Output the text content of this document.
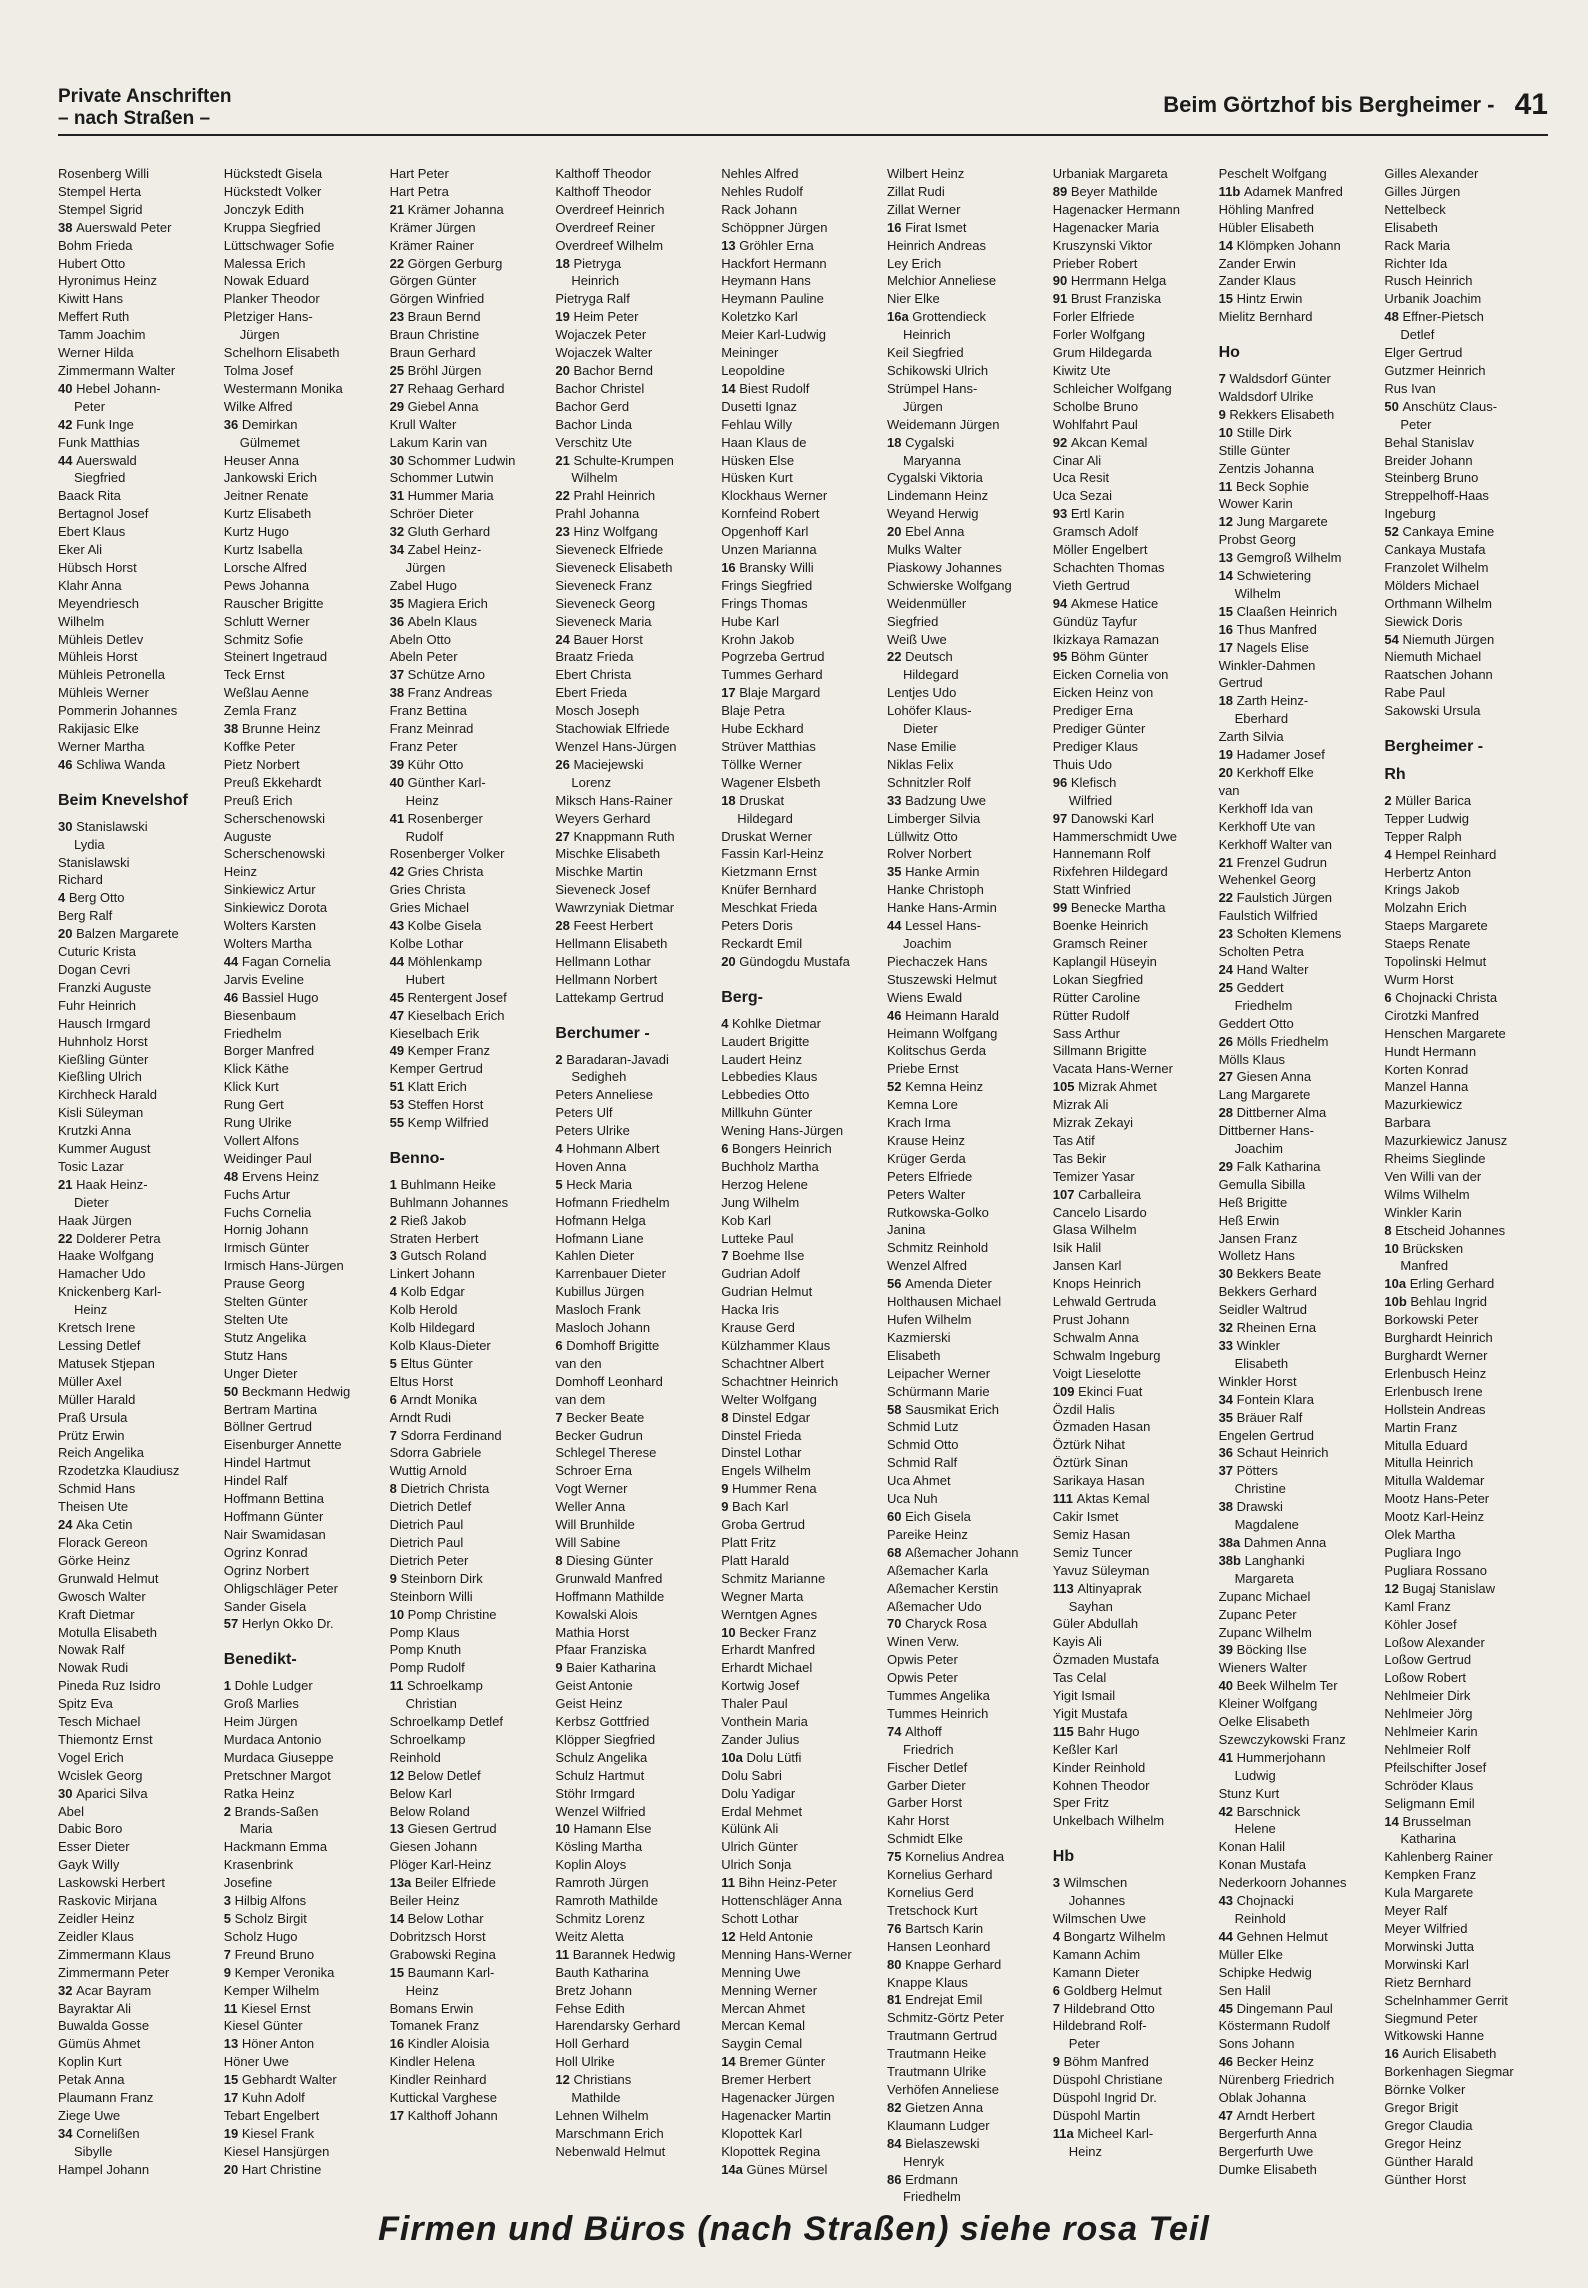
Private Anschriften
– nach Straßen –
Beim Görtzhof bis Bergheimer - 41
Rosenberg Willi
Stempel Herta
Stempel Sigrid
38 Auerswald Peter
Bohm Frieda
Hubert Otto
Hyronimus Heinz
Kiwitt Hans
Meffert Ruth
Tamm Joachim
Werner Hilda
Zimmermann Walter
40 Hebel Johann-
Peter
42 Funk Inge
Funk Matthias
44 Auerswald
Siegfried
Baack Rita
Bertagnol Josef
Ebert Klaus
Eker Ali
Hübsch Horst
Klahr Anna
Meyendriesch
Wilhelm
Mühleis Detlev
Mühleis Horst
Mühleis Petronella
Mühleis Werner
Pommerin Johannes
Rakijasic Elke
Werner Martha
46 Schliwa Wanda
Beim Knevelshof
30 Stanislawski
Lydia
Stanislawski
Richard
4 Berg Otto
Berg Ralf
20 Balzen Margarete
Cuturic Krista
Dogan Cevri
Franzki Auguste
Fuhr Heinrich
Hausch Irmgard
Huhnholz Horst
Kießling Günter
Kießling Ulrich
Kirchheck Harald
Kisli Süleyman
Krutzki Anna
Kummer August
Tosic Lazar
21 Haak Heinz-
Dieter
Haak Jürgen
22 Dolderer Petra
Haake Wolfgang
Hamacher Udo
Knickenberg Karl-
Heinz
Kretsch Irene
Lessing Detlef
Matusek Stjepan
Müller Axel
Müller Harald
Praß Ursula
Prütz Erwin
Reich Angelika
Rzodetzka Klaudiusz
Schmid Hans
Theisen Ute
24 Aka Cetin
Florack Gereon
Görke Heinz
Grunwald Helmut
Gwosch Walter
Kraft Dietmar
Motulla Elisabeth
Nowak Ralf
Nowak Rudi
Pineda Ruz Isidro
Spitz Eva
Tesch Michael
Thiemontz Ernst
Vogel Erich
Wcislek Georg
30 Aparici Silva
Abel
Dabic Boro
Esser Dieter
Gayk Willy
Laskowski Herbert
Raskovic Mirjana
Zeidler Heinz
Zeidler Klaus
Zimmermann Klaus
Zimmermann Peter
32 Acar Bayram
Bayraktar Ali
Buwalda Gosse
Gümüs Ahmet
Koplin Kurt
Petak Anna
Plaumann Franz
Ziege Uwe
34 Cornelißen
Sibylle
Hampel Johann
Hückstedt Gisela
Hückstedt Volker
Jonczyk Edith
Kruppa Siegfried
Lüttschwager Sofie
Malessa Erich
Nowak Eduard
Planker Theodor
Pletziger Hans-
Jürgen
Schelhorn Elisabeth
Tolma Josef
Westermann Monika
Wilke Alfred
36 Demirkan
Gülmemet
Heuser Anna
Jankowski Erich
Jeitner Renate
Kurtz Elisabeth
Kurtz Hugo
Kurtz Isabella
Lorsche Alfred
Pews Johanna
Rauscher Brigitte
Schlutt Werner
Schmitz Sofie
Steinert Ingetraud
Teck Ernst
Weßlau Aenne
Zemla Franz
38 Brunne Heinz
Koffke Peter
Pietz Norbert
Preuß Ekkehardt
Preuß Erich
Scherschenowski
Auguste
Scherschenowski
Heinz
Sinkiewicz Artur
Sinkiewicz Dorota
Wolters Karsten
Wolters Martha
44 Fagan Cornelia
Jarvis Eveline
46 Bassiel Hugo
Biesenbaum
Friedhelm
Borger Manfred
Klick Käthe
Klick Kurt
Rung Gert
Rung Ulrike
Vollert Alfons
Weidinger Paul
48 Ervens Heinz
Fuchs Artur
Fuchs Cornelia
Hornig Johann
Irmisch Günter
Irmisch Hans-Jürgen
Prause Georg
Stelten Günter
Stelten Ute
Stutz Angelika
Stutz Hans
Unger Dieter
50 Beckmann Hedwig
Bertram Martina
Böllner Gertrud
Eisenburger Annette
Hindel Hartmut
Hindel Ralf
Hoffmann Bettina
Hoffmann Günter
Nair Swamidasan
Ogrinz Konrad
Ogrinz Norbert
Ohligschläger Peter
Sander Gisela
57 Herlyn Okko Dr.
Benedikt-
1 Dohle Ludger
Groß Marlies
Heim Jürgen
Murdaca Antonio
Murdaca Giuseppe
Pretschner Margot
Ratka Heinz
2 Brands-Saßen
Maria
Hackmann Emma
Krasenbrink
Josefine
3 Hilbig Alfons
5 Scholz Birgit
Scholz Hugo
7 Freund Bruno
9 Kemper Veronika
Kemper Wilhelm
11 Kiesel Ernst
Kiesel Günter
13 Höner Anton
Höner Uwe
15 Gebhardt Walter
17 Kuhn Adolf
Tebart Engelbert
19 Kiesel Frank
Kiesel Hansjürgen
20 Hart Christine
Hart Peter
Hart Petra
21 Krämer Johanna
Krämer Jürgen
Krämer Rainer
22 Görgen Gerburg
Görgen Günter
Görgen Winfried
23 Braun Bernd
Braun Christine
Braun Gerhard
25 Bröhl Jürgen
27 Rehaag Gerhard
29 Giebel Anna
Krull Walter
Lakum Karin van
30 Schommer Ludwin
Schommer Lutwin
31 Hummer Maria
Schröer Dieter
32 Gluth Gerhard
34 Zabel Heinz-
Jürgen
Zabel Hugo
35 Magiera Erich
36 Abeln Klaus
Abeln Otto
Abeln Peter
37 Schütze Arno
38 Franz Andreas
Franz Bettina
Franz Meinrad
Franz Peter
39 Kühr Otto
40 Günther Karl-
Heinz
41 Rosenberger
Rudolf
Rosenberger Volker
42 Gries Christa
Gries Christa
Gries Michael
43 Kolbe Gisela
Kolbe Lothar
44 Möhlenkamp
Hubert
45 Rentergent Josef
47 Kieselbach Erich
Kieselbach Erik
49 Kemper Franz
Kemper Gertrud
51 Klatt Erich
53 Steffen Horst
55 Kemp Wilfried
Benno-
1 Buhlmann Heike
Buhlmann Johannes
2 Rieß Jakob
Straten Herbert
3 Gutsch Roland
Linkert Johann
4 Kolb Edgar
Kolb Herold
Kolb Hildegard
Kolb Klaus-Dieter
5 Eltus Günter
Eltus Horst
6 Arndt Monika
Arndt Rudi
7 Sdorra Ferdinand
Sdorra Gabriele
Wuttig Arnold
8 Dietrich Christa
Dietrich Detlef
Dietrich Paul
Dietrich Paul
Dietrich Peter
9 Steinborn Dirk
Steinborn Willi
10 Pomp Christine
Pomp Klaus
Pomp Knuth
Pomp Rudolf
11 Schroelkamp
Christian
Schroelkamp Detlef
Schroelkamp
Reinhold
12 Below Detlef
Below Karl
Below Roland
13 Giesen Gertrud
Giesen Johann
Plöger Karl-Heinz
13a Beiler Elfriede
Beiler Heinz
14 Below Lothar
Dobritzsch Horst
Grabowski Regina
15 Baumann Karl-
Heinz
Bomans Erwin
Tomanek Franz
16 Kindler Aloisia
Kindler Helena
Kindler Reinhard
Kuttickal Varghese
17 Kalthoff Johann
Kalthoff Theodor
Kalthoff Theodor
Overdreef Heinrich
Overdreef Reiner
Overdreef Wilhelm
18 Pietryga
Heinrich
Pietryga Ralf
19 Heim Peter
Wojaczek Peter
Wojaczek Walter
20 Bachor Bernd
Bachor Christel
Bachor Gerd
Bachor Linda
Verschitz Ute
21 Schulte-Krumpen
Wilhelm
22 Prahl Heinrich
Prahl Johanna
23 Hinz Wolfgang
Sieveneck Elfriede
Sieveneck Elisabeth
Sieveneck Franz
Sieveneck Georg
Sieveneck Maria
24 Bauer Horst
Braatz Frieda
Ebert Christa
Ebert Frieda
Mosch Joseph
Stachowiak Elfriede
Wenzel Hans-Jürgen
26 Maciejewski
Lorenz
Miksch Hans-Rainer
Weyers Gerhard
27 Knappmann Ruth
Mischke Elisabeth
Mischke Martin
Sieveneck Josef
Wawrzyniak Dietmar
28 Feest Herbert
Hellmann Elisabeth
Hellmann Lothar
Hellmann Norbert
Lattekamp Gertrud
Berchumer -
2 Baradaran-Javadi
Sedigheh
Peters Anneliese
Peters Ulf
Peters Ulrike
4 Hohmann Albert
Hoven Anna
5 Heck Maria
Hofmann Friedhelm
Hofmann Helga
Hofmann Liane
Kahlen Dieter
Karrenbauer Dieter
Kubillus Jürgen
Masloch Frank
Masloch Johann
6 Domhoff Brigitte
van den
Domhoff Leonhard
van dem
7 Becker Beate
Becker Gudrun
Schlegel Therese
Schroer Erna
Vogt Werner
Weller Anna
Will Brunhilde
Will Sabine
8 Diesing Günter
Grunwald Manfred
Hoffmann Mathilde
Kowalski Alois
Mathia Horst
Pfaar Franziska
9 Baier Katharina
Geist Antonie
Geist Heinz
Kerbsz Gottfried
Klöpper Siegfried
Schulz Angelika
Schulz Hartmut
Stöhr Irmgard
Wenzel Wilfried
10 Hamann Else
Kösling Martha
Koplin Aloys
Ramroth Jürgen
Ramroth Mathilde
Schmitz Lorenz
Weitz Aletta
11 Barannek Hedwig
Bauth Katharina
Bretz Johann
Fehse Edith
Harendarsky Gerhard
Holl Gerhard
Holl Ulrike
12 Christians
Mathilde
Lehnen Wilhelm
Marschmann Erich
Nebenwald Helmut
Nehles Alfred
Nehles Rudolf
Rack Johann
Schöppner Jürgen
13 Gröhler Erna
Hackfort Hermann
Heymann Hans
Heymann Pauline
Koletzko Karl
Meier Karl-Ludwig
Meininger
Leopoldine
14 Biest Rudolf
Dusetti Ignaz
Fehlau Willy
Haan Klaus de
Hüsken Else
Hüsken Kurt
Klockhaus Werner
Kornfeind Robert
Opgenhoff Karl
Unzen Marianna
16 Bransky Willi
Frings Siegfried
Frings Thomas
Hube Karl
Krohn Jakob
Pogrzeba Gertrud
Tummes Gerhard
17 Blaje Margard
Blaje Petra
Hube Eckhard
Strüver Matthias
Töllke Werner
Wagener Elsbeth
18 Druskat
Hildegard
Druskat Werner
Fassin Karl-Heinz
Kietzmann Ernst
Knüfer Bernhard
Meschkat Frieda
Peters Doris
Reckardt Emil
20 Gündogdu Mustafa
Berg-
4 Kohlke Dietmar
Laudert Brigitte
Laudert Heinz
Lebbedies Klaus
Lebbedies Otto
Millkuhn Günter
Wening Hans-Jürgen
6 Bongers Heinrich
Buchholz Martha
Herzog Helene
Jung Wilhelm
Kob Karl
Lutteke Paul
7 Boehme Ilse
Gudrian Adolf
Gudrian Helmut
Hacka Iris
Krause Gerd
Külzhammer Klaus
Schachtner Albert
Schachtner Heinrich
Welter Wolfgang
8 Dinstel Edgar
Dinstel Frieda
Dinstel Lothar
Engels Wilhelm
9 Hummer Rena
9 Bach Karl
Groba Gertrud
Platt Fritz
Platt Harald
Schmitz Marianne
Wegner Marta
Werntgen Agnes
10 Becker Franz
Erhardt Manfred
Erhardt Michael
Kortwig Josef
Thaler Paul
Vonthein Maria
Zander Julius
10a Dolu Lütfi
Dolu Sabri
Dolu Yadigar
Erdal Mehmet
Külünk Ali
Ulrich Günter
Ulrich Sonja
11 Bihn Heinz-Peter
Hottenschläger Anna
Schott Lothar
12 Held Antonie
Menning Hans-Werner
Menning Uwe
Menning Werner
Mercan Ahmet
Mercan Kemal
Saygin Cemal
14 Bremer Günter
Bremer Herbert
Hagenacker Jürgen
Hagenacker Martin
Klopottek Karl
Klopottek Regina
14a Günes Mürsel
Wilbert Heinz
Zillat Rudi
Zillat Werner
16 Firat Ismet
Heinrich Andreas
Ley Erich
Melchior Anneliese
Nier Elke
16a Grottendieck
Heinrich
Keil Siegfried
Schikowski Ulrich
Strümpel Hans-
Jürgen
Weidemann Jürgen
18 Cygalski
Maryanna
Cygalski Viktoria
Lindemann Heinz
Weyand Herwig
20 Ebel Anna
Mulks Walter
Piaskowy Johannes
Schwierske Wolfgang
Weidenmüller
Siegfried
Weiß Uwe
22 Deutsch
Hildegard
Lentjes Udo
Lohöfer Klaus-
Dieter
Nase Emilie
Niklas Felix
Schnitzler Rolf
33 Badzung Uwe
Limberger Silvia
Lüllwitz Otto
Rolver Norbert
35 Hanke Armin
Hanke Christoph
Hanke Hans-Armin
44 Lessel Hans-
Joachim
Piechaczek Hans
Stuszewski Helmut
Wiens Ewald
46 Heimann Harald
Heimann Wolfgang
Kolitschus Gerda
Priebe Ernst
52 Kemna Heinz
Kemna Lore
Krach Irma
Krause Heinz
Krüger Gerda
Peters Elfriede
Peters Walter
Rutkowska-Golko
Janina
Schmitz Reinhold
Wenzel Alfred
56 Amenda Dieter
Holthausen Michael
Hufen Wilhelm
Kazmierski
Elisabeth
Leipacher Werner
Schürmann Marie
58 Sausmikat Erich
Schmid Lutz
Schmid Otto
Schmid Ralf
Uca Ahmet
Uca Nuh
60 Eich Gisela
Pareike Heinz
68 Aßemacher Johann
Aßemacher Karla
Aßemacher Kerstin
Aßemacher Udo
70 Charyck Rosa
Winen Verw.
Opwis Peter
Opwis Peter
Tummes Angelika
Tummes Heinrich
74 Althoff
Friedrich
Fischer Detlef
Garber Dieter
Garber Horst
Kahr Horst
Schmidt Elke
75 Kornelius Andrea
Kornelius Gerhard
Kornelius Gerd
Tretschock Kurt
76 Bartsch Karin
Hansen Leonhard
80 Knappe Gerhard
Knappe Klaus
81 Endrejat Emil
Schmitz-Görtz Peter
Trautmann Gertrud
Trautmann Heike
Trautmann Ulrike
Verhöfen Anneliese
82 Gietzen Anna
Klaumann Ludger
84 Bielaszewski
Henryk
86 Erdmann
Friedhelm
Urbaniak Margareta
89 Beyer Mathilde
Hagenacker Hermann
Hagenacker Maria
Kruszynski Viktor
Prieber Robert
90 Herrmann Helga
91 Brust Franziska
Forler Elfriede
Forler Wolfgang
Grum Hildegarda
Kiwitz Ute
Schleicher Wolfgang
Scholbe Bruno
Wohlfahrt Paul
92 Akcan Kemal
Cinar Ali
Uca Resit
Uca Sezai
93 Ertl Karin
Gramsch Adolf
Möller Engelbert
Schachten Thomas
Vieth Gertrud
94 Akmese Hatice
Gündüz Tayfur
Ikizkaya Ramazan
95 Böhm Günter
Eicken Cornelia von
Eicken Heinz von
Prediger Erna
Prediger Günter
Prediger Klaus
Thuis Udo
96 Klefisch
Wilfried
97 Danowski Karl
Hammerschmidt Uwe
Hannemann Rolf
Rixfehren Hildegard
Statt Winfried
99 Benecke Martha
Boenke Heinrich
Gramsch Reiner
Kaplangil Hüseyin
Lokan Siegfried
Rütter Caroline
Rütter Rudolf
Sass Arthur
Sillmann Brigitte
Vacata Hans-Werner
105 Mizrak Ahmet
Mizrak Ali
Mizrak Zekayi
Tas Atif
Tas Bekir
Temizer Yasar
107 Carballeira
Cancelo Lisardo
Glasa Wilhelm
Isik Halil
Jansen Karl
Knops Heinrich
Lehwald Gertruda
Prust Johann
Schwalm Anna
Schwalm Ingeburg
Voigt Lieselotte
109 Ekinci Fuat
Özdil Halis
Özmaden Hasan
Öztürk Nihat
Öztürk Sinan
Sarikaya Hasan
111 Aktas Kemal
Cakir Ismet
Semiz Hasan
Semiz Tuncer
Yavuz Süleyman
113 Altinyaprak
Sayhan
Güler Abdullah
Kayis Ali
Özmaden Mustafa
Tas Celal
Yigit Ismail
Yigit Mustafa
115 Bahr Hugo
Keßler Karl
Kinder Reinhold
Kohnen Theodor
Sper Fritz
Unkelbach Wilhelm
Hb
3 Wilmschen
Johannes
Wilmschen Uwe
4 Bongartz Wilhelm
Kamann Achim
Kamann Dieter
6 Goldberg Helmut
7 Hildebrand Otto
Hildebrand Rolf-
Peter
9 Böhm Manfred
Düspohl Christiane
Düspohl Ingrid Dr.
Düspohl Martin
11a Micheel Karl-
Heinz
Peschelt Wolfgang
11b Adamek Manfred
Höhling Manfred
Hübler Elisabeth
14 Klömpken Johann
Zander Erwin
Zander Klaus
15 Hintz Erwin
Mielitz Bernhard
Ho
7 Waldsdorf Günter
Waldsdorf Ulrike
9 Rekkers Elisabeth
10 Stille Dirk
Stille Günter
Zentzis Johanna
11 Beck Sophie
Wower Karin
12 Jung Margarete
Probst Georg
13 Gemgroß Wilhelm
14 Schwietering
Wilhelm
15 Claaßen Heinrich
16 Thus Manfred
17 Nagels Elise
Winkler-Dahmen
Gertrud
18 Zarth Heinz-
Eberhard
Zarth Silvia
19 Hadamer Josef
20 Kerkhoff Elke
van
Kerkhoff Ida van
Kerkhoff Ute van
Kerkhoff Walter van
21 Frenzel Gudrun
Wehenkel Georg
22 Faulstich Jürgen
Faulstich Wilfried
23 Schołten Klemens
Scholten Petra
24 Hand Walter
25 Geddert
Friedhelm
Geddert Otto
26 Mölls Friedhelm
Mölls Klaus
27 Giesen Anna
Lang Margarete
28 Dittberner Alma
Dittberner Hans-
Joachim
29 Falk Katharina
Gemulla Sibilla
Heß Brigitte
Heß Erwin
Jansen Franz
Wolletz Hans
30 Bekkers Beate
Bekkers Gerhard
Seidler Waltrud
32 Rheinen Erna
33 Winkler
Elisabeth
Winkler Horst
34 Fontein Klara
35 Bräuer Ralf
Engelen Gertrud
36 Schaut Heinrich
37 Pötters
Christine
38 Drawski
Magdalene
38a Dahmen Anna
38b Langhanki
Margareta
Zupanc Michael
Zupanc Peter
Zupanc Wilhelm
39 Böcking Ilse
Wieners Walter
40 Beek Wilhelm Ter
Kleiner Wolfgang
Oelke Elisabeth
Szewczykowski Franz
41 Hummerjohann
Ludwig
Stunz Kurt
42 Barschnick
Helene
Konan Halil
Konan Mustafa
Nederkoorn Johannes
43 Chojnacki
Reinhold
44 Gehnen Helmut
Müller Elke
Schipke Hedwig
Sen Halil
45 Dingemann Paul
Köstermann Rudolf
Sons Johann
46 Becker Heinz
Nürenberg Friedrich
Oblak Johanna
47 Arndt Herbert
Bergerfurth Anna
Bergerfurth Uwe
Dumke Elisabeth
Gilles Alexander
Gilles Jürgen
Nettelbeck
Elisabeth
Rack Maria
Richter Ida
Rusch Heinrich
Urbanik Joachim
48 Effner-Pietsch
Detlef
Elger Gertrud
Gutzmer Heinrich
Rus Ivan
50 Anschütz Claus-
Peter
Behal Stanislav
Breider Johann
Steinberg Bruno
Streppelhoff-Haas
Ingeburg
52 Cankaya Emine
Cankaya Mustafa
Franzolet Wilhelm
Mölders Michael
Orthmann Wilhelm
Siewick Doris
54 Niemuth Jürgen
Niemuth Michael
Raatschen Johann
Rabe Paul
Sakowski Ursula
Bergheimer -
Rh
2 Müller Barica
Tepper Ludwig
Tepper Ralph
4 Hempel Reinhard
Herbertz Anton
Krings Jakob
Molzahn Erich
Staeps Margarete
Staeps Renate
Topolinski Helmut
Wurm Horst
6 Chojnacki Christa
Cirotzki Manfred
Henschen Margarete
Hundt Hermann
Korten Konrad
Manzel Hanna
Mazurkiewicz
Barbara
Mazurkiewicz Janusz
Rheims Sieglinde
Ven Willi van der
Wilms Wilhelm
Winkler Karin
8 Etscheid Johannes
10 Brücksken
Manfred
10a Erling Gerhard
10b Behlau Ingrid
Borkowski Peter
Burghardt Heinrich
Burghardt Werner
Erlenbusch Heinz
Erlenbusch Irene
Hollstein Andreas
Martin Franz
Mitulla Eduard
Mitulla Heinrich
Mitulla Waldemar
Mootz Hans-Peter
Mootz Karl-Heinz
Olek Martha
Pugliara Ingo
Pugliara Rossano
12 Bugaj Stanislaw
Kaml Franz
Köhler Josef
Loßow Alexander
Loßow Gertrud
Loßow Robert
Nehlmeier Dirk
Nehlmeier Jörg
Nehlmeier Karin
Nehlmeier Rolf
Pfeilschifter Josef
Schröder Klaus
Seligmann Emil
14 Brusselman
Katharina
Kahlenberg Rainer
Kempken Franz
Kula Margarete
Meyer Ralf
Meyer Wilfried
Morwinski Jutta
Morwinski Karl
Rietz Bernhard
Schelnhammer Gerrit
Siegmund Peter
Witkowski Hanne
16 Aurich Elisabeth
Borkenhagen Siegmar
Börnke Volker
Gregor Brigit
Gregor Claudia
Gregor Heinz
Günther Harald
Günther Horst
Firmen und Büros (nach Straßen) siehe rosa Teil
